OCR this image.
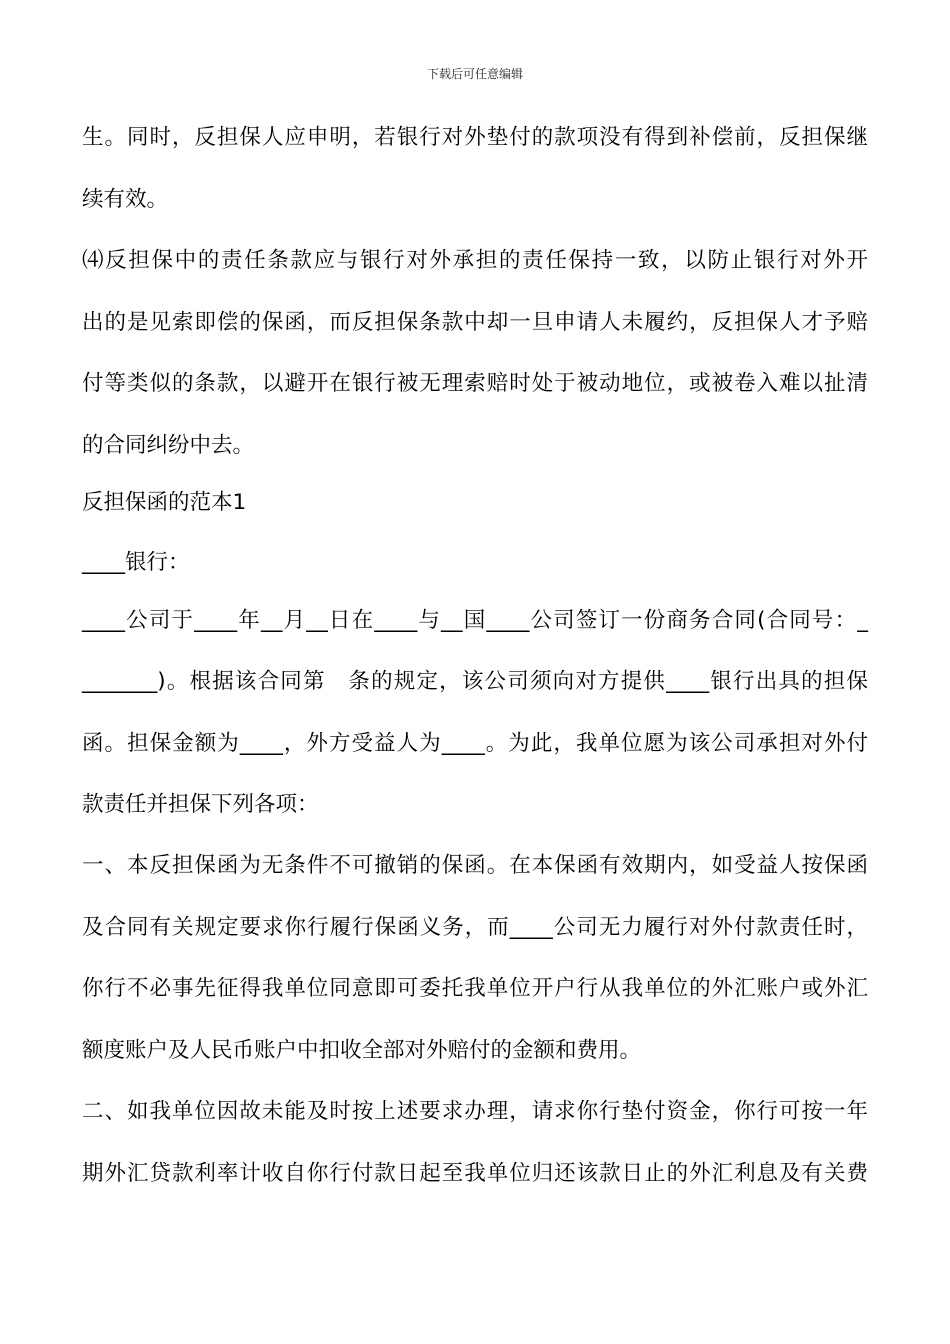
下载后可任意编辑
生。同时，反担保人应申明，若银行对外垫付的款项没有得到补偿前，反担保继
续有效。
⑷反担保中的责任条款应与银行对外承担的责任保持一致，以防止银行对外开
出的是见索即偿的保函，而反担保条款中却一旦申请人未履约，反担保人才予赔
付等类似的条款，以避开在银行被无理索赔时处于被动地位，或被卷入难以扯清
的合同纠纷中去。
反担保函的范本1
____银行：
____公司于____年__月__日在____与__国____公司签订一份商务合同(合同号：_
_______)。根据该合同第　条的规定，该公司须向对方提供____银行出具的担保
函。担保金额为____，外方受益人为____。为此，我单位愿为该公司承担对外付
款责任并担保下列各项：
一、本反担保函为无条件不可撤销的保函。在本保函有效期内，如受益人按保函
及合同有关规定要求你行履行保函义务，而____公司无力履行对外付款责任时，
你行不必事先征得我单位同意即可委托我单位开户行从我单位的外汇账户或外汇
额度账户及人民币账户中扣收全部对外赔付的金额和费用。
二、如我单位因故未能及时按上述要求办理，请求你行垫付资金，你行可按一年
期外汇贷款利率计收自你行付款日起至我单位归还该款日止的外汇利息及有关费
